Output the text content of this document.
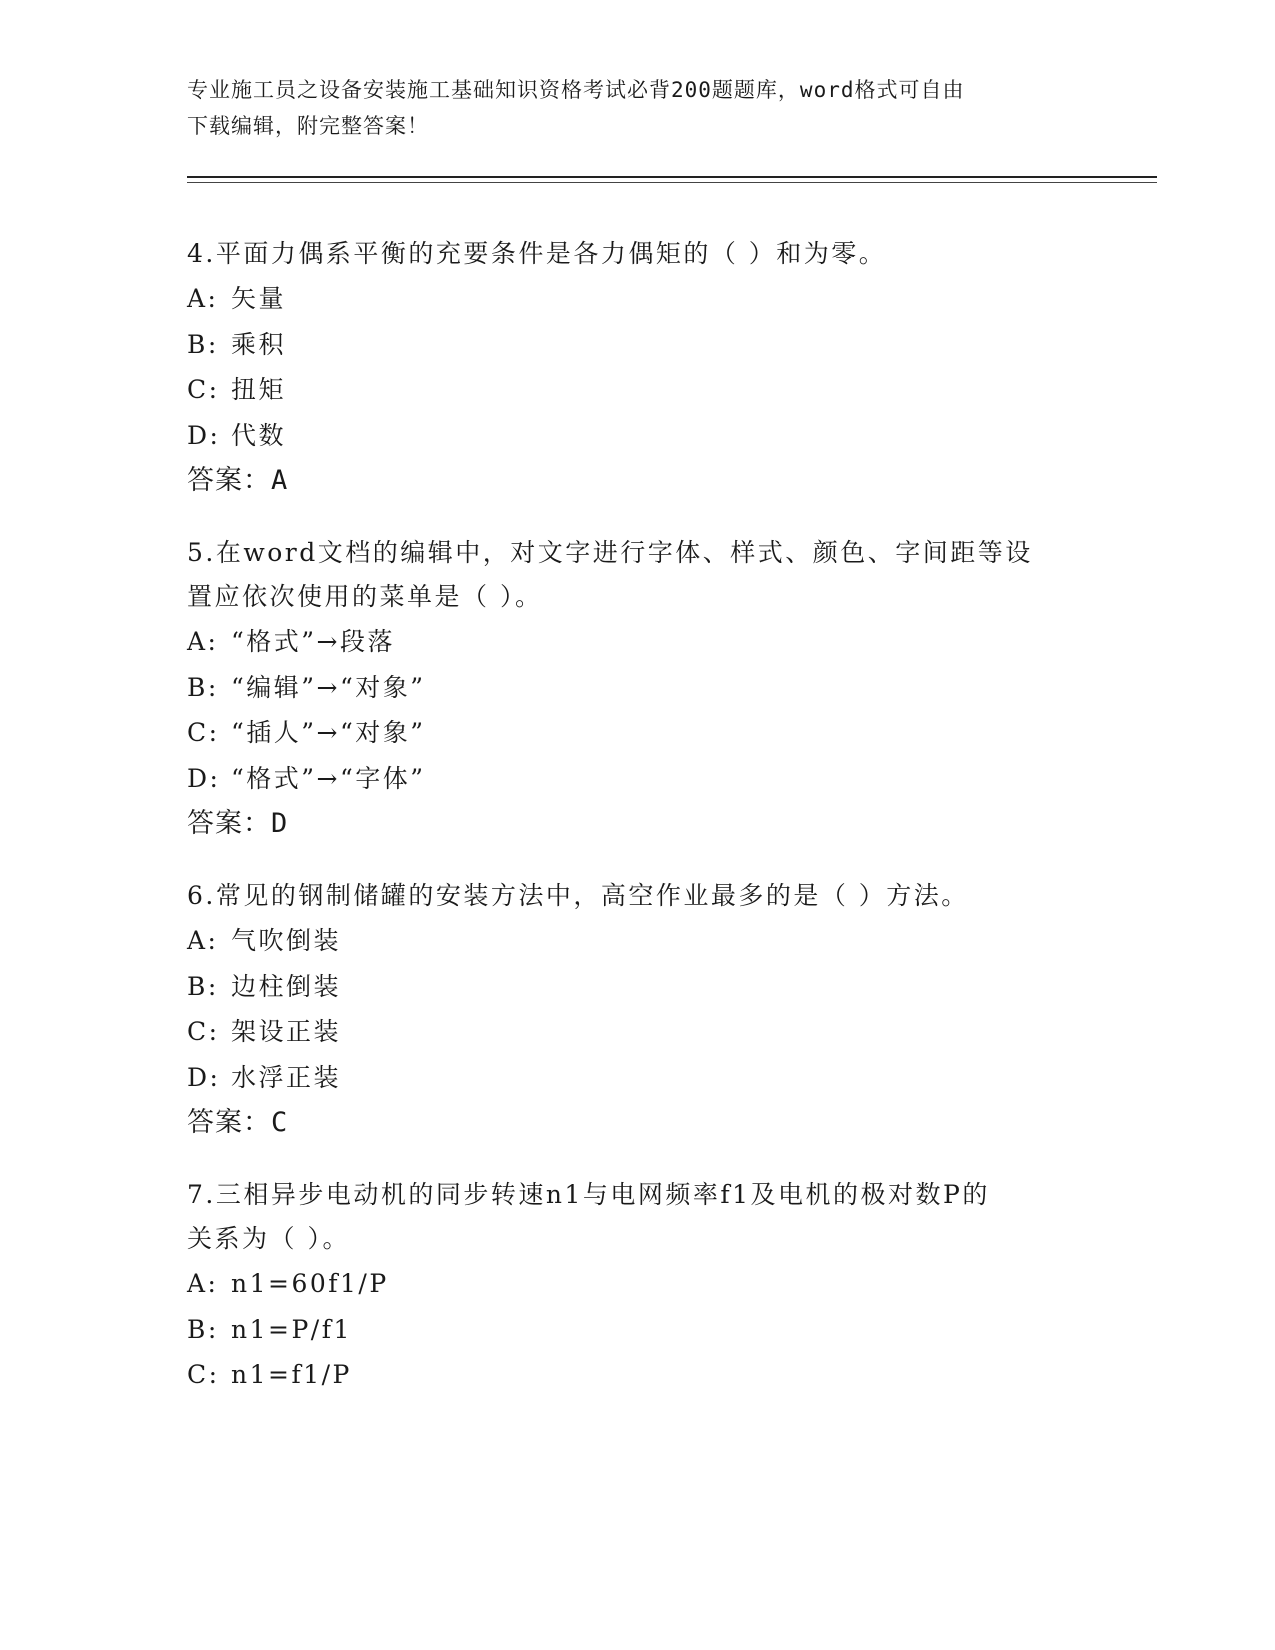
专业施工员之设备安装施工基础知识资格考试必背200题题库，word格式可自由
下载编辑，附完整答案！

4.平面力偶系平衡的充要条件是各力偶矩的（ ）和为零。

A: 矢量

B: 乘积

C: 扭矩

D: 代数

答案：A

5.在word文档的编辑中，对文字进行字体、样式、颜色、字间距等设

置应依次使用的菜单是（ ）。

A: “格式”→段落

B: “编辑”→“对象”

C: “插人”→“对象”

D: “格式”→“字体”

答案：D

6.常见的钢制储罐的安装方法中，高空作业最多的是（ ）方法。

A: 气吹倒装

B: 边柱倒装

C: 架设正装

D: 水浮正装

答案：C

7.三相异步电动机的同步转速n1与电网频率f1及电机的极对数P的

关系为（ ）。

A: n1=60f1/P

B: n1=P/f1

C: n1=f1/P
